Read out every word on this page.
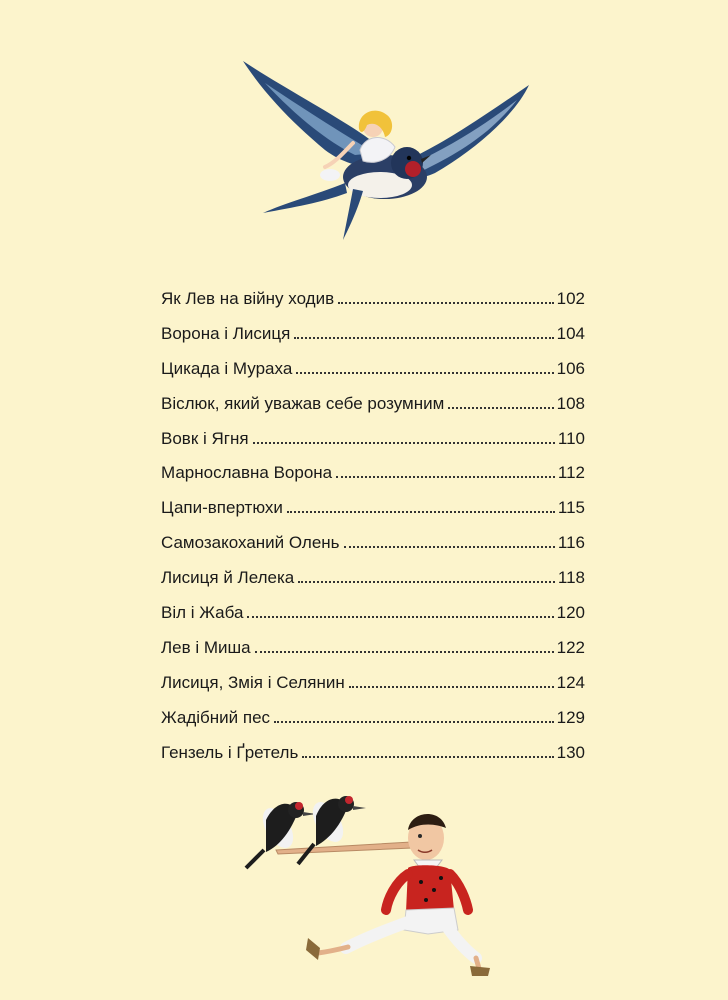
Як Лев на війну ходив	102
Ворона і Лисиця	104
Цикада і Мураха	106
Віслюк, який уважав себе розумним	108
Вовк і Ягня	110
Марнославна Ворона	112
Цапи-впертюхи	115
Самозакоханий Олень	116
Лисиця й Лелека	118
Віл і Жаба	120
Лев і Миша	122
Лисиця, Змія і Селянин	124
Жадібний пес	129
Гензель і Ґретель	130
